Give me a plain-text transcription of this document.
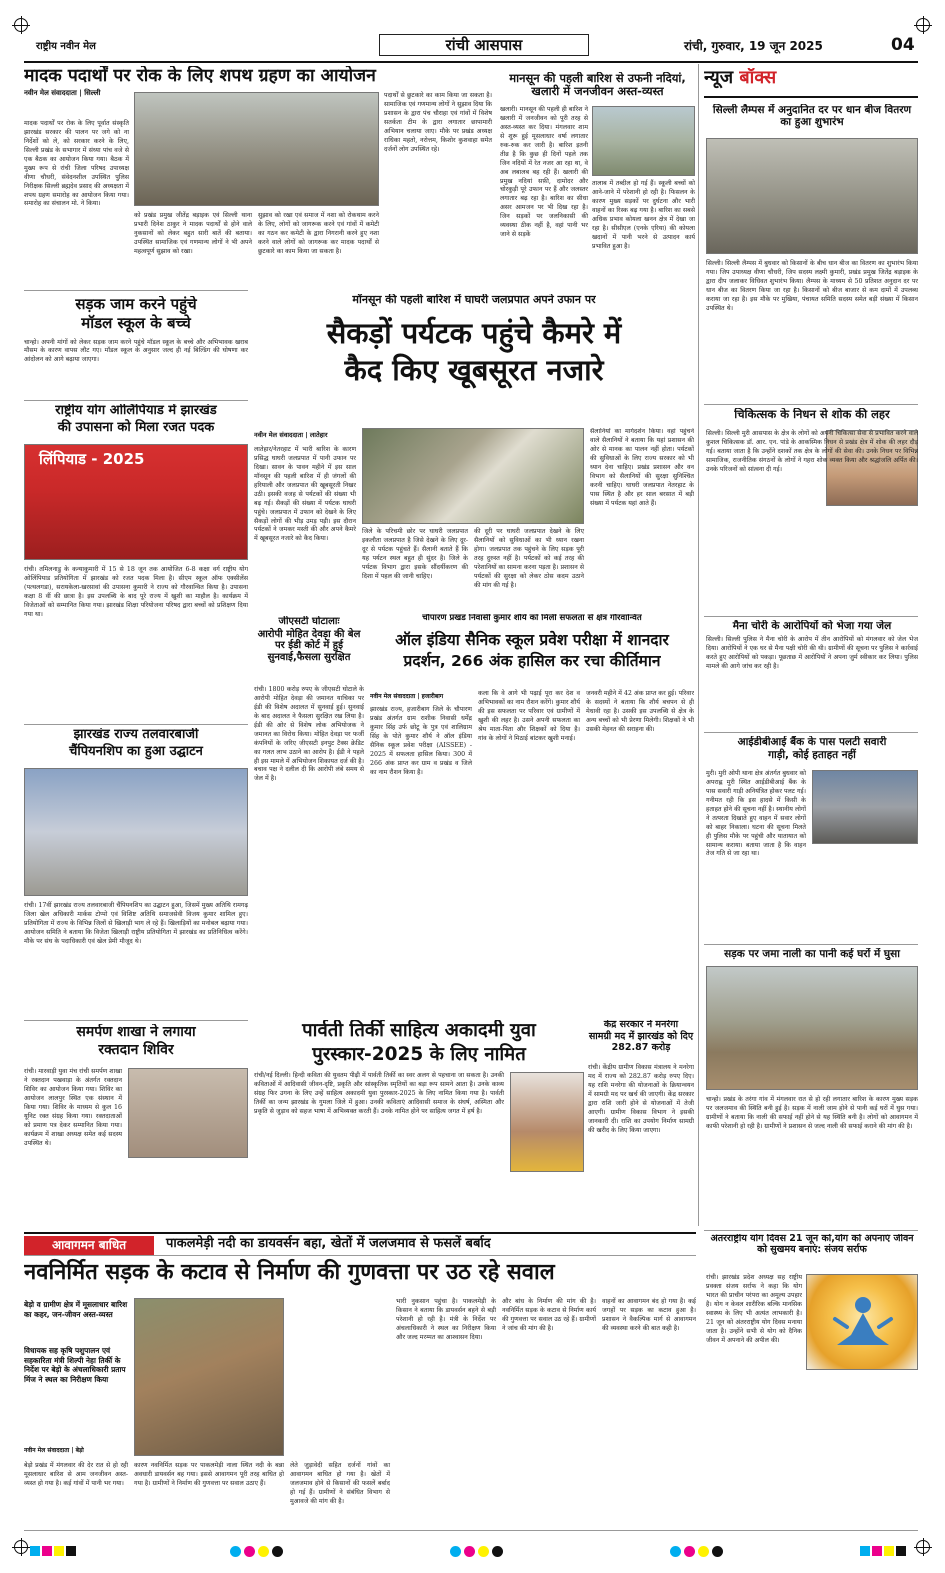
राष्ट्रीय नवीन मेल	रांची आसपास	रांची, गुरुवार, 19 जून 2025	04
मादक पदार्थों पर रोक के लिए शपथ ग्रहण का आयोजन
नवीन मेल संवाददाता | सिल्ली
मादक पदार्थों पर रोक के लिए पूर्वात संस्कृति झारखंड सरकार की पालन पर जगे को ना निर्देशों को ले, को सरकार करने के लिए, सिल्ली प्रखंड के सभागार में संध्या पांच वजे से एक बैठक का आयोजन किया गया। बैठक में मुख्य रूप से रांची जिला परिषद उपाध्यक्ष वीणा चौधरी, संवेदनशील उपस्थित पुलिस निरीक्षक सिल्ली ब्रह्मदेव प्रसाद की अध्यक्षता में शपथ ग्रहण समारोह का आयोजन किया गया। समारोह का संचालन मो. ने किया।
को प्रखंड प्रमुख जीतेंद्र बड़ाइक एवं सिल्ली थाना प्रभारी दिनेश ठाकुर ने मादक पदार्थों से होने वाले नुकसानों को लेकर बहुत सारी बातें की बताया। उपस्थित सामाजिक एवं गणमान्य लोगों ने भी अपने महत्वपूर्ण सुझाव को रखा।
सुझाव को रखा एवं समाज में नशा को रोकथाम करने के लिए, लोगों को जागरूक करने एवं गांवों में कमेटी का गठन कर कमेटी के द्वारा निगरानी करने हुए नशा करने वाले लोगों को जागरूक कर मादक पदार्थों से छुटकारे का काम किया जा सकता है।
पदार्थों से छुटकारे का काम किया जा सकता है। सामाजिक एवं गणमान्य लोगों ने सुझाव दिया कि प्रशासन के द्वारा पंच चौराहा एवं गांवों में विशेष सतर्कता टीम के द्वारा लगातार छापामारी अभियान चलाया जाए। मौके पर प्रखंड अध्यक्ष राधिका महतो, नरोत्तम, किशोर कुशवाहा समेत दर्जनों लोग उपस्थित रहे।
मानसून की पहली बारिश से उफनी नदियां, खलारी में जनजीवन अस्त-व्यस्त
खलारी। मानसून की पहली ही बारिश ने खलारी में जनजीवन को पूरी तरह से अस्त-व्यस्त कर दिया। मंगलवार शाम से शुरू हुई मूसलाधार वर्षा लगातार रुक-रुक कर जारी है। बारिश इतनी तीव्र है कि कुछ ही दिनों पहले तक जिन नदियों में रेत नजर आ रहा था, वे अब लबालब बह रही हैं। खलारी की प्रमुख नदियां सफ़ी, दामोदर और चोरकुड़ी पूरे उफान पर हैं और जलस्तर लगातार बढ़ रहा है। बारिश का सीधा असर आमजन पर भी दिख रहा है। जिन सड़कों पर जलनिकासी की व्यवस्था ठीक नहीं है, वहां पानी भर जाने से सड़कें
तालाब में तब्दील हो गई हैं। स्कूली बच्चों को आने-जाने में परेशानी हो रही है। फिसलन के कारण मुख्य सड़कों पर दुर्घटना और भारी वाहनों का रिस्क बढ़ गया है। बारिश का सबसे अधिक प्रभाव कोयला खनन क्षेत्र में देखा जा रहा है। सीसीएल (एनके एरिया) की कोयला खदानों में पानी भरने से उत्पादन कार्य प्रभावित हुआ है।
सड़क जाम करने पहुंचे
मॉडल स्कूल के बच्चे
चान्हो। अपनी मांगों को लेकर सड़क जाम करने पहुंचे मॉडल स्कूल के बच्चे और अभिभावक खराब मौसम के कारण वापस लौट गए। मॉडल स्कूल के अनुसार जल्द ही नई बिल्डिंग की घोषणा कर आंदोलन को आगे बढ़ाया जाएगा।
राष्ट्रीय योग ओलिंपियाड में झारखंड
की उपासना को मिला रजत पदक
लिंपियाड - 2025
रांची। तमिलनाडु के कन्याकुमारी में 15 से 18 जून तक आयोजित 6-8 कक्षा वर्ग राष्ट्रीय योग ओलिंपियाड प्रतियोगिता में झारखंड को रजत पदक मिला है। सीएम स्कूल ऑफ एक्सीलेंस (पत्थलगडा), सरायकेला-खरसावां की उपासना कुमारी ने राज्य को गौरवान्वित किया है। उपासना कक्षा 8 वीं की छात्रा है। इस उपलब्धि के बाद पूरे राज्य में खुशी का माहौल है। कार्यक्रम में विजेताओं को सम्मानित किया गया। झारखंड शिक्षा परियोजना परिषद द्वारा बच्चों को प्रशिक्षण दिया गया था।
मॉनसून की पहली बारिश में घाघरी जलप्रपात अपने उफान पर
सैकड़ों पर्यटक पहुंचे कैमरे में
कैद किए खूबसूरत नजारे
नवीन मेल संवाददाता | लातेहार
लातेहार/नेतरहाट में भारी बारिश के कारण प्रसिद्ध घाघरी जलप्रपात में पानी उफान पर दिखा। सावन के पावन महीने में इस साल मॉनसून की पहली बारिश में ही जंगलों की हरियाली और जलप्रपात की खूबसूरती निखर उठी। इसकी वजह से पर्यटकों की संख्या भी बढ़ गई। सैकड़ों की संख्या में पर्यटक घाघरी पहुंचे। जलप्रपात में उफान को देखने के लिए सैकड़ों लोगों की भीड़ उमड़ पड़ी। इस दौरान पर्यटकों ने जमकर मस्ती की और अपने कैमरे में खूबसूरत नजारे को कैद किया।
जिले के परिचमी छोर पर घाघरी जलप्रपात इकलौता जलप्रपात है जिसे देखने के लिए दूर-दूर से पर्यटक पहुंचते हैं। सैलानी बताते हैं कि यह पर्यटन स्थल बहुत ही सुंदर है। जिले के पर्यटक विभाग द्वारा इसके सौंदर्यीकरण की दिशा में पहल की जानी चाहिए।
की दूरी पर घाघरी जलप्रपात देखने के लिए सैलानियों को सुविधाओं का भी ध्यान रखना होगा। जलप्रपात तक पहुंचने के लिए सड़क पूरी तरह दुरुस्त नहीं है। पर्यटकों को कई तरह की परेशानियों का सामना करना पड़ता है। प्रशासन से पर्यटकों की सुरक्षा को लेकर ठोस कदम उठाने की मांग की गई है।
सैलानियों का मार्गदर्शन किया। वहां पहुंचने वाले सैलानियों ने बताया कि यहां प्रशासन की ओर से मानक का पालन नहीं होता। पर्यटकों की सुविधाओं के लिए राज्य सरकार को भी ध्यान देना चाहिए। प्रखंड प्रशासन और वन विभाग को सैलानियों की सुरक्षा सुनिश्चित करनी चाहिए। घाघरी जलप्रपात नेतरहाट के पास स्थित है और हर साल बरसात में बड़ी संख्या में पर्यटक यहां आते हैं।
झारखंड राज्य तलवारबाजी
चैंपियनशिप का हुआ उद्घाटन
रांची। 17वीं झारखंड राज्य तलवारबाजी चैंपियनशिप का उद्घाटन हुआ, जिसमें मुख्य अतिथि रामगढ़ जिला खेल अधिकारी मार्कस टोप्पो एवं विशिष्ट अतिथि समाजसेवी विजय कुमार शामिल हुए। प्रतियोगिता में राज्य के विभिन्न जिलों से खिलाड़ी भाग ले रहे हैं। खिलाड़ियों का मनोबल बढ़ाया गया। आयोजन समिति ने बताया कि विजेता खिलाड़ी राष्ट्रीय प्रतियोगिता में झारखंड का प्रतिनिधित्व करेंगे। मौके पर संघ के पदाधिकारी एवं खेल प्रेमी मौजूद थे।
जीएसटी घोटालाः
आरोपी मोहित देवड़ा की बेल पर ईडी कोर्ट में हुई सुनवाई,फैसला सुरक्षित
रांची। 1800 करोड़ रुपए के जीएसटी घोटाले के आरोपी मोहित देवड़ा की जमानत याचिका पर ईडी की विशेष अदालत में सुनवाई हुई। सुनवाई के बाद अदालत ने फैसला सुरक्षित रख लिया है। ईडी की ओर से विशेष लोक अभियोजक ने जमानत का विरोध किया। मोहित देवड़ा पर फर्जी कंपनियों के जरिए जीएसटी इनपुट टैक्स क्रेडिट का गलत लाभ उठाने का आरोप है। ईडी ने पहले ही इस मामले में अभियोजन शिकायत दर्ज की है। बचाव पक्ष ने दलील दी कि आरोपी लंबे समय से जेल में है।
चौपारण प्रखंड निवासी कुमार शौर्य को मिली सफलता से क्षेत्र गौरवान्वित
ऑल इंडिया सैनिक स्कूल प्रवेश परीक्षा में शानदार
प्रदर्शन, 266 अंक हासिल कर रचा कीर्तिमान
नवीन मेल संवाददाता | हजारीबाग
झारखंड राज्य, हजारीबाग जिले के चौपारण प्रखंड अंतर्गत ग्राम राशीक निवासी धर्मेंद्र कुमार सिंह उर्फ छोटू के पुत्र एवं शालिग्राम सिंह के पोते कुमार शौर्य ने ऑल इंडिया सैनिक स्कूल प्रवेश परीक्षा (AISSEE) - 2025 में सफलता हासिल किया। 300 में 266 अंक प्राप्त कर ग्राम व प्रखंड व जिले का नाम रौशन किया है।
कला कि वे आगे भी पढ़ाई पूरा कर देश व अभिभावकों का नाम रौशन करेंगे। कुमार शौर्य की इस सफलता पर परिवार एवं ग्रामीणों में खुशी की लहर है। उसने अपनी सफलता का श्रेय माता-पिता और शिक्षकों को दिया है। गांव के लोगों ने मिठाई बांटकर खुशी मनाई।
जनवरी महीने में 42 अंक प्राप्त कर हुई। परिवार के सदस्यों ने बताया कि शौर्य बचपन से ही मेधावी रहा है। उसकी इस उपलब्धि से क्षेत्र के अन्य बच्चों को भी प्रेरणा मिलेगी। शिक्षकों ने भी उसकी मेहनत की सराहना की।
समर्पण शाखा ने लगाया
रक्तदान शिविर
रांची। मारवाड़ी युवा मंच रांची समर्पण शाखा ने रक्तदान पखवाड़ा के अंतर्गत रक्तदान शिविर का आयोजन किया गया। शिविर का आयोजन लालपुर स्थित एक संस्थान में किया गया। शिविर के माध्यम से कुल 16 यूनिट रक्त संग्रह किया गया। रक्तदाताओं को प्रमाण पत्र देकर सम्मानित किया गया। कार्यक्रम में शाखा अध्यक्ष समेत कई सदस्य उपस्थित थे।
पार्वती तिर्की साहित्य अकादमी युवा
पुरस्कार-2025 के लिए नामित
रांची/नई दिल्ली। हिन्दी कविता की युवतम पीढ़ी में पार्वती तिर्की का स्वर अलग से पहचाना जा सकता है। उनकी कविताओं में आदिवासी जीवन-दृष्टि, प्रकृति और सांस्कृतिक स्मृतियों का बड़ा रूप सामने आता है। उनके काव्य संग्रह फिर उगना के लिए उन्हें साहित्य अकादमी युवा पुरस्कार-2025 के लिए नामित किया गया है। पार्वती तिर्की का जन्म झारखंड के गुमला जिले में हुआ। उनकी कविताएं आदिवासी समाज के संघर्ष, अस्मिता और प्रकृति से जुड़ाव को सहज भाषा में अभिव्यक्त करती हैं। उनके नामित होने पर साहित्य जगत में हर्ष है।
केंद्र सरकार ने मनरेगा
सामग्री मद में झारखंड को दिए 282.87 करोड़
रांची। केंद्रीय ग्रामीण विकास मंत्रालय ने मनरेगा मद में राज्य को 282.87 करोड़ रुपए दिए। यह राशि मनरेगा की योजनाओं के क्रियान्वयन में सामग्री मद पर खर्च की जाएगी। केंद्र सरकार द्वारा राशि जारी होने से योजनाओं में तेजी आएगी। ग्रामीण विकास विभाग ने इसकी जानकारी दी। राशि का उपयोग निर्माण सामग्री की खरीद के लिए किया जाएगा।
आवागमन बाधित	पाकलमेड़ी नदी का डायवर्सन बहा, खेतों में जलजमाव से फसलें बर्बाद
नवनिर्मित सड़क के कटाव से निर्माण की गुणवत्ता पर उठ रहे सवाल
बेड़ो व ग्रामीण क्षेत्र में मूसलाधार बारिश का कहर, जन-जीवन अस्त-व्यस्त
विधायक सह कृषि पशुपालन एवं सहकारिता मंत्री शिल्पी नेहा तिर्की के निर्देश पर बेड़ो के अंचलाधिकारी प्रताप मिंज ने स्थल का निरीक्षण किया
नवीन मेल संवाददाता | बेड़ो
बेड़ो प्रखंड में मंगलवार की देर रात से हो रही मूसलाधार बारिश से आम जनजीवन अस्त-व्यस्त हो गया है। कई गांवों में पानी भर गया।
कारण नवनिर्मित सड़क पर पाकलमेड़ी नाला स्थित नदी के बन्ना अवधारी डायवर्सन बह गया। इससे आवागमन पूरी तरह बाधित हो गया है। ग्रामीणों ने निर्माण की गुणवत्ता पर सवाल उठाए हैं।
लेते जुड़ावेदी सहित दर्जनों गांवों का आवागमन बाधित हो गया है। खेतों में जलजमाव होने से किसानों की फसलें बर्बाद हो गई हैं। ग्रामीणों ने संबंधित विभाग से मुआवजे की मांग की है।
भारी नुकसान पहुंचा है। पाकलमेड़ी के किसान ने बताया कि डायवर्सन बहने से बड़ी परेशानी हो रही है। मंत्री के निर्देश पर अंचलाधिकारी ने स्थल का निरीक्षण किया और जल्द मरम्मत का आश्वासन दिया।
और बांध के निर्माण की मांग की है। नवनिर्मित सड़क के कटाव से निर्माण कार्य की गुणवत्ता पर सवाल उठ रहे हैं। ग्रामीणों ने जांच की मांग की है।
वाहनों का आवागमन बंद हो गया है। कई जगहों पर सड़क का कटाव हुआ है। प्रशासन ने वैकल्पिक मार्ग से आवागमन की व्यवस्था करने की बात कही है।
न्यूज बॉक्स
सिल्ली लैम्पस में अनुदानित दर पर धान बीज वितरण का हुआ शुभारंभ
सिल्ली। सिल्ली लैम्पस में बुधवार को किसानों के बीच धान बीज का वितरण का शुभारंभ किया गया। जिप उपाध्यक्ष वीणा चौधरी, जिप सदस्य लक्ष्मी कुमारी, प्रखंड प्रमुख जितेंद्र बड़ाइक के द्वारा दीप जलाकर विधिवत शुभारंभ किया। लैम्पस के माध्यम से 50 प्रतिशत अनुदान दर पर धान बीज का वितरण किया जा रहा है। किसानों को बीज बाजार से कम दामों में उपलब्ध कराया जा रहा है। इस मौके पर मुखिया, पंचायत समिति सदस्य समेत बड़ी संख्या में किसान उपस्थित थे।
चिकित्सक के निधन से शोक की लहर
सिल्ली। सिल्ली मुरी आसपास के क्षेत्र के लोगों को अपनी चिकित्सा सेवा से प्रभावित करने वाले कुशल चिकित्सक डॉ. आर. एन. पांडे के आकस्मिक निधन से प्रखंड क्षेत्र में शोक की लहर दौड़ गई। बताया जाता है कि उन्होंने दशकों तक क्षेत्र के लोगों की सेवा की। उनके निधन पर विभिन्न सामाजिक, राजनीतिक संगठनों के लोगों ने गहरा शोक व्यक्त किया और श्रद्धांजलि अर्पित की। उनके परिजनों को सांत्वना दी गई।
मैना चोरी के आरोपियों को भेजा गया जेल
सिल्ली। सिल्ली पुलिस ने मैना चोरी के आरोप में तीन आरोपियों को मंगलवार को जेल भेज दिया। आरोपियों ने एक घर से मैना पक्षी चोरी की थी। ग्रामीणों की सूचना पर पुलिस ने कार्रवाई करते हुए आरोपियों को पकड़ा। पूछताछ में आरोपियों ने अपना जुर्म स्वीकार कर लिया। पुलिस मामले की आगे जांच कर रही है।
आईडीबीआई बैंक के पास पलटी सवारी
गाड़ी, कोई हताहत नहीं
मुरी। मुरी ओपी थाना क्षेत्र अंतर्गत बुधवार को अपराह्न मुरी स्थित आईडीबीआई बैंक के पास सवारी गाड़ी अनियंत्रित होकर पलट गई। गनीमत रही कि इस हादसे में किसी के हताहत होने की सूचना नहीं है। स्थानीय लोगों ने तत्परता दिखाते हुए वाहन में सवार लोगों को बाहर निकाला। घटना की सूचना मिलते ही पुलिस मौके पर पहुंची और यातायात को सामान्य कराया। बताया जाता है कि वाहन तेज गति से जा रहा था।
सड़क पर जमा नाली का पानी कई घरों में घुसा
चान्हो। प्रखंड के तरंगा गांव में मंगलवार रात से हो रही लगातार बारिश के कारण मुख्य सड़क पर जलजमाव की स्थिति बनी हुई है। सड़क में नाली जाम होने से पानी कई घरों में घुस गया। ग्रामीणों ने बताया कि नाली की सफाई नहीं होने से यह स्थिति बनी है। लोगों को आवागमन में काफी परेशानी हो रही है। ग्रामीणों ने प्रशासन से जल्द नाली की सफाई कराने की मांग की है।
अंतरराष्ट्रीय योग दिवस 21 जून को,योग को अपनाएं जीवन को सुखमय बनाएं: संजय सर्राफ
रांची। झारखंड प्रदेश अध्यक्ष सह राष्ट्रीय प्रवक्ता संजय सर्राफ ने कहा कि योग भारत की प्राचीन परंपरा का अमूल्य उपहार है। योग न केवल शारीरिक बल्कि मानसिक स्वास्थ्य के लिए भी अत्यंत लाभकारी है। 21 जून को अंतरराष्ट्रीय योग दिवस मनाया जाता है। उन्होंने सभी से योग को दैनिक जीवन में अपनाने की अपील की।
